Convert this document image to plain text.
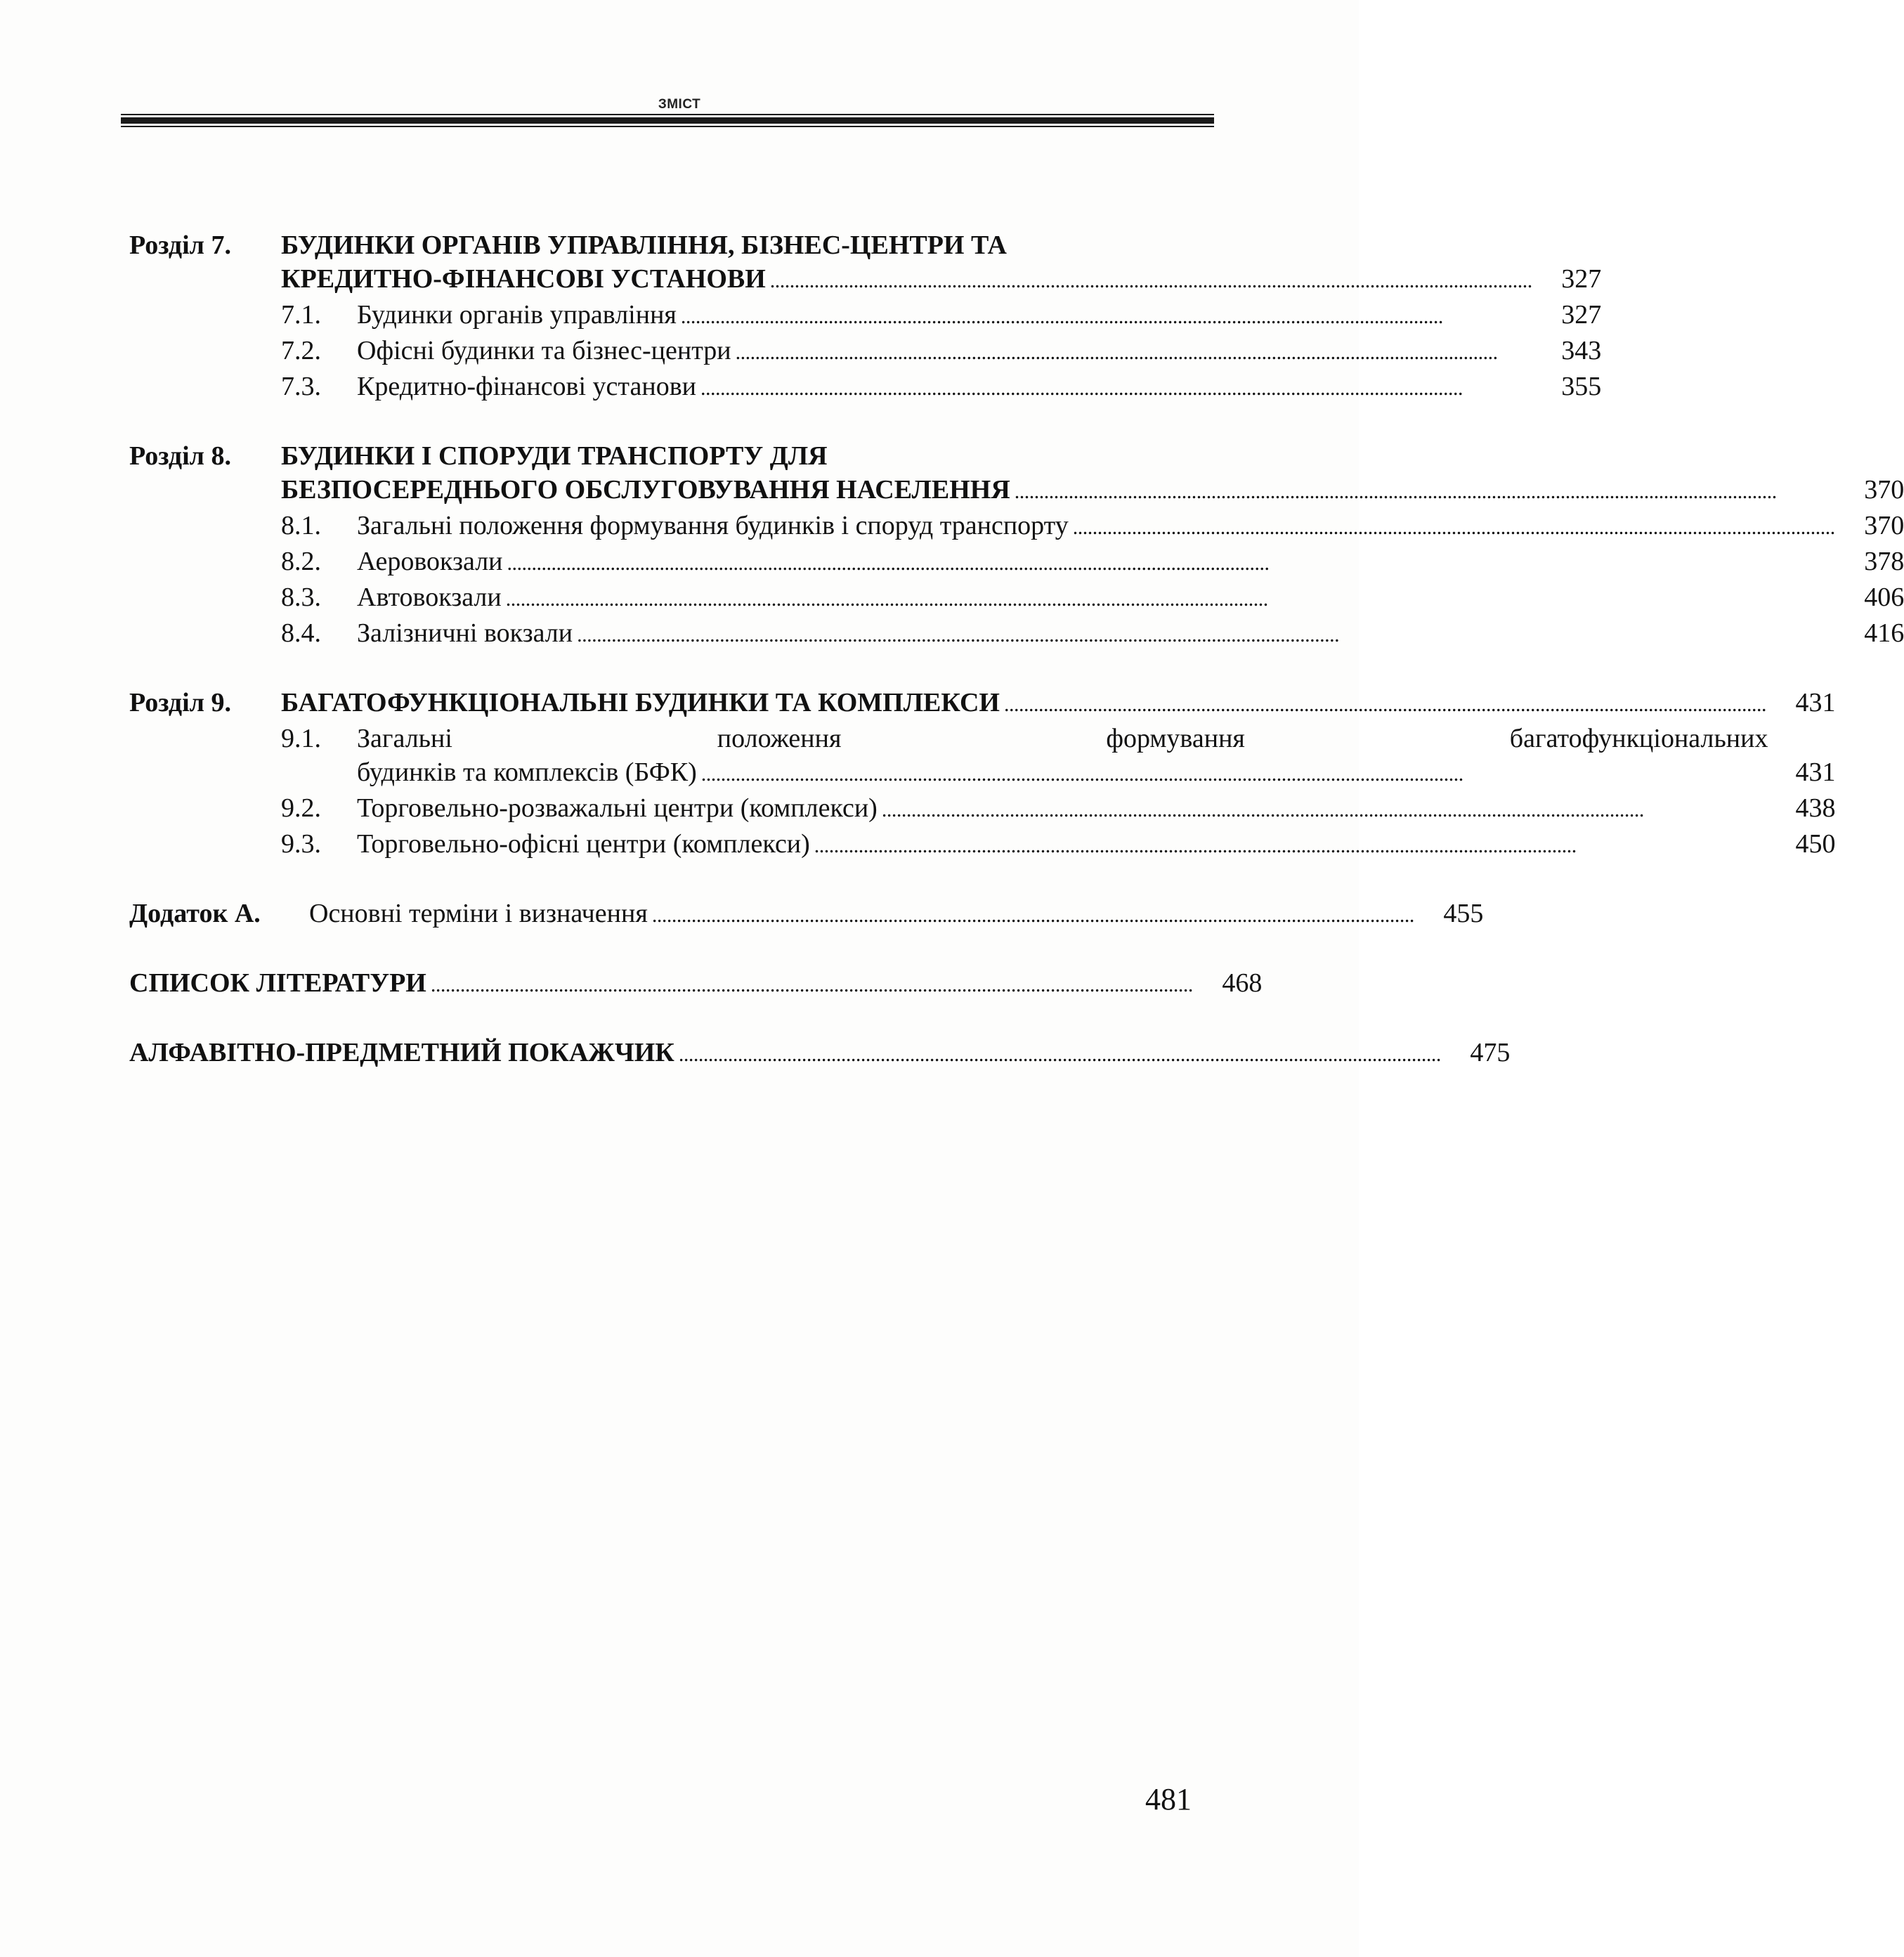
ЗМІСТ
Розділ 7.	БУДИНКИ ОРГАНІВ УПРАВЛІННЯ, БІЗНЕС-ЦЕНТРИ ТА
КРЕДИТНО-ФІНАНСОВІ УСТАНОВИ . . .	327
7.1.	Будинки органів управління . . .	327
7.2.	Офісні будинки та бізнес-центри . . .	343
7.3.	Кредитно-фінансові установи . . .	355
Розділ 8.	БУДИНКИ І СПОРУДИ ТРАНСПОРТУ ДЛЯ
БЕЗПОСЕРЕДНЬОГО ОБСЛУГОВУВАННЯ НАСЕЛЕННЯ . . .	370
8.1.	Загальні положення формування будинків і споруд транспорту . . .	370
8.2.	Аеровокзали . . .	378
8.3.	Автовокзали . . .	406
8.4.	Залізничні вокзали . . .	416
Розділ 9.	БАГАТОФУНКЦІОНАЛЬНІ БУДИНКИ ТА КОМПЛЕКСИ . . .	431
9.1.	Загальні	положення	формування	багатофункціональних
будинків та комплексів (БФК) . . .	431
9.2.	Торговельно-розважальні центри (комплекси) . . .	438
9.3.	Торговельно-офісні центри (комплекси) . . .	450
Додаток А.	Основні терміни і визначення . . .	455
СПИСОК ЛІТЕРАТУРИ . . .	468
АЛФАВІТНО-ПРЕДМЕТНИЙ ПОКАЖЧИК . . .	475
481
